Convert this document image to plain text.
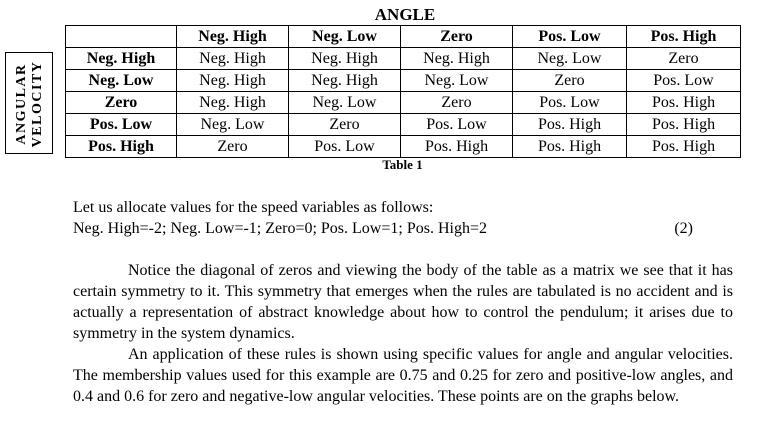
ANGLE
ANGULAR VELOCITY
	Neg. High	Neg. Low	Zero	Pos. Low	Pos. High
Neg. High	Neg. High	Neg. High	Neg. High	Neg. Low	Zero
Neg. Low	Neg. High	Neg. High	Neg. Low	Zero	Pos. Low
Zero	Neg. High	Neg. Low	Zero	Pos. Low	Pos. High
Pos. Low	Neg. Low	Zero	Pos. Low	Pos. High	Pos. High
Pos. High	Zero	Pos. Low	Pos. High	Pos. High	Pos. High
Table 1
Let us allocate values for the speed variables as follows:
Neg. High=-2; Neg. Low=-1; Zero=0; Pos. Low=1; Pos. High=2	(2)
Notice the diagonal of zeros and viewing the body of the table as a matrix we see that it has certain symmetry to it. This symmetry that emerges when the rules are tabulated is no accident and is actually a representation of abstract knowledge about how to control the pendulum; it arises due to symmetry in the system dynamics.
An application of these rules is shown using specific values for angle and angular velocities. The membership values used for this example are 0.75 and 0.25 for zero and positive-low angles, and 0.4 and 0.6 for zero and negative-low angular velocities. These points are on the graphs below.
